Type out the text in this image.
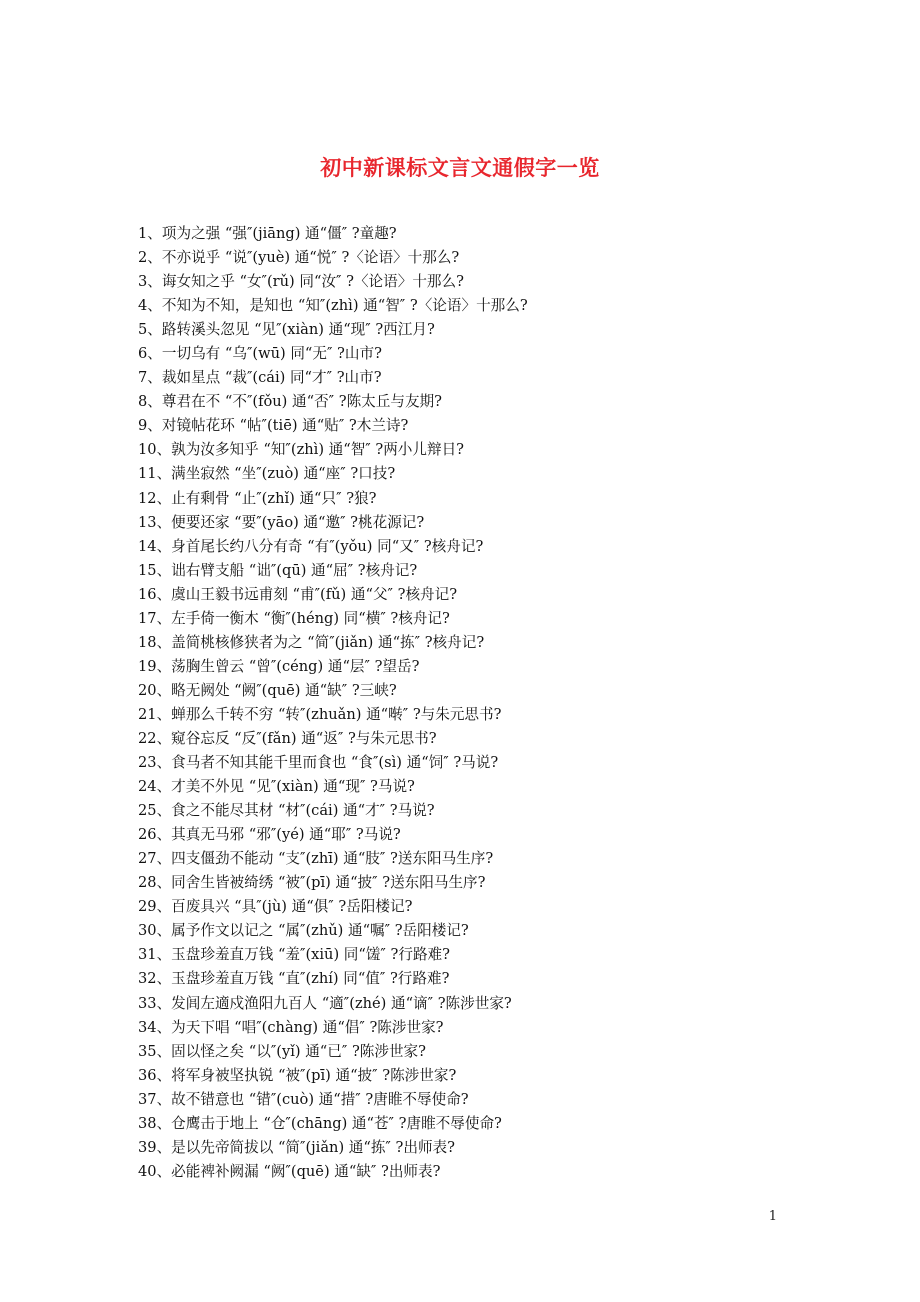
初中新课标文言文通假字一览
1、项为之强 “强″(jiāng) 通“僵″ ?童趣?
2、不亦说乎 “说″(yuè) 通“悦″ ?〈论语〉十那么?
3、诲女知之乎 “女″(rǔ) 同“汝″ ?〈论语〉十那么?
4、不知为不知，是知也 “知″(zhì) 通“智″ ?〈论语〉十那么?
5、路转溪头忽见 “见″(xiàn) 通“现″ ?西江月?
6、一切乌有 “乌″(wū) 同“无″ ?山市?
7、裁如星点 “裁″(cái) 同“才″ ?山市?
8、尊君在不 “不″(fǒu) 通“否″ ?陈太丘与友期?
9、对镜帖花环 “帖″(tiē) 通“贴″ ?木兰诗?
10、孰为汝多知乎 “知″(zhì) 通“智″ ?两小儿辩日?
11、满坐寂然 “坐″(zuò) 通“座″ ?口技?
12、止有剩骨 “止″(zhǐ) 通“只″ ?狼?
13、便要还家 “要″(yāo) 通“邀″ ?桃花源记?
14、身首尾长约八分有奇 “有″(yǒu) 同“又″ ?核舟记?
15、诎右臂支船 “诎″(qū) 通“屈″ ?核舟记?
16、虞山王毅书远甫刻 “甫″(fǔ) 通“父″ ?核舟记?
17、左手倚一衡木 “衡″(héng) 同“横″ ?核舟记?
18、盖简桃核修狭者为之 “简″(jiǎn) 通“拣″ ?核舟记?
19、荡胸生曾云 “曾″(céng) 通“层″ ?望岳?
20、略无阙处 “阙″(quē) 通“缺″ ?三峡?
21、蝉那么千转不穷 “转″(zhuǎn) 通“啭″ ?与朱元思书?
22、窥谷忘反 “反″(fǎn) 通“返″ ?与朱元思书?
23、食马者不知其能千里而食也 “食″(sì) 通“饲″ ?马说?
24、才美不外见 “见″(xiàn) 通“现″ ?马说?
25、食之不能尽其材 “材″(cái) 通“才″ ?马说?
26、其真无马邪 “邪″(yé) 通“耶″ ?马说?
27、四支僵劲不能动 “支″(zhī) 通“肢″ ?送东阳马生序?
28、同舍生皆被绮绣 “被″(pī) 通“披″ ?送东阳马生序?
29、百废具兴 “具″(jù) 通“俱″ ?岳阳楼记?
30、属予作文以记之 “属″(zhǔ) 通“嘱″ ?岳阳楼记?
31、玉盘珍羞直万钱 “羞″(xiū) 同“馐″ ?行路难?
32、玉盘珍羞直万钱 “直″(zhí) 同“值″ ?行路难?
33、发闾左適戍渔阳九百人 “適″(zhé) 通“谪″ ?陈涉世家?
34、为天下唱 “唱″(chàng) 通“倡″ ?陈涉世家?
35、固以怪之矣 “以″(yǐ) 通“已″ ?陈涉世家?
36、将军身被坚执锐 “被″(pī) 通“披″ ?陈涉世家?
37、故不错意也 “错″(cuò) 通“措″ ?唐睢不辱使命?
38、仓鹰击于地上 “仓″(chāng) 通“苍″ ?唐睢不辱使命?
39、是以先帝简拔以 “简″(jiǎn) 通“拣″ ?出师表?
40、必能裨补阙漏 “阙″(quē) 通“缺″ ?出师表?
1
